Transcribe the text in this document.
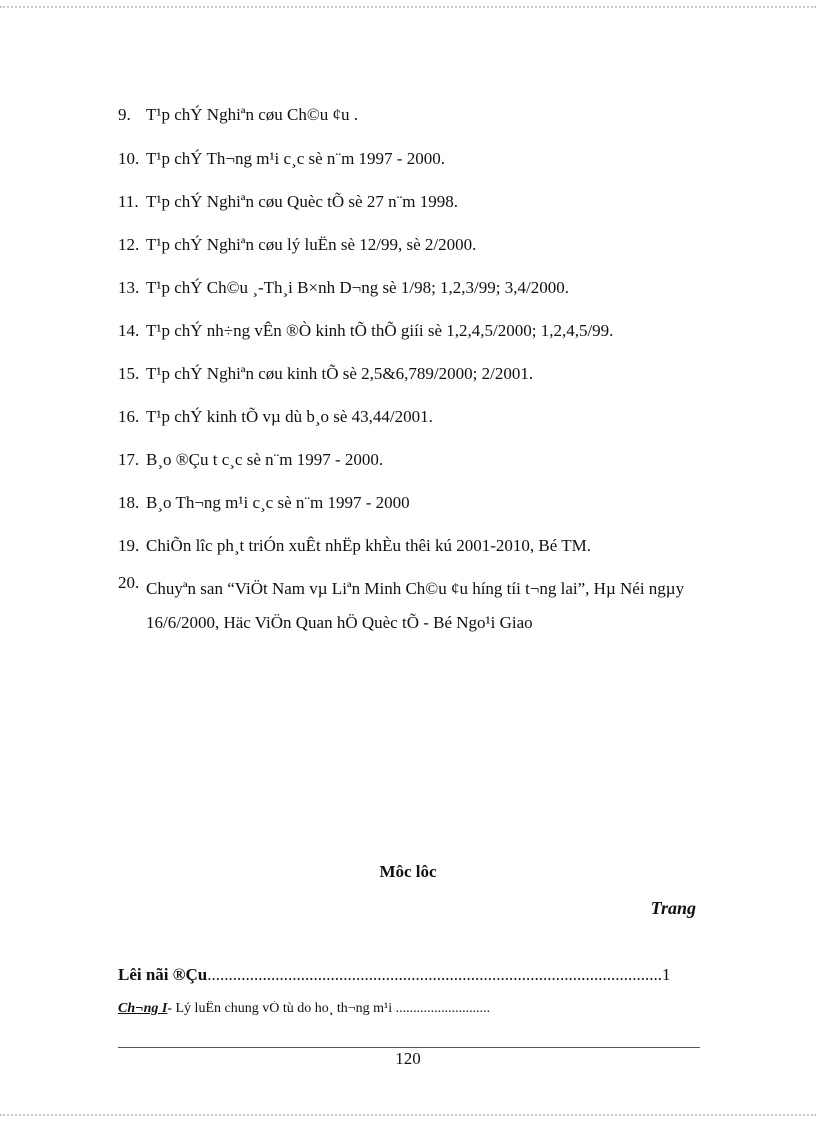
9. T¹p chÝ Nghiªn cøu Ch©u ¢u .
10. T¹p chÝ Th¬ng m¹i c¸c sè n¨m 1997 - 2000.
11. T¹p chÝ Nghiªn cøu Quèc tÕ sè 27 n¨m 1998.
12. T¹p chÝ Nghiªn cøu lý luËn sè 12/99, sè 2/2000.
13. T¹p chÝ Ch©u ¸-Th¸i B×nh D¬ng sè 1/98; 1,2,3/99; 3,4/2000.
14. T¹p chÝ nh÷ng vÊn ®Ò kinh tÕ thÕ giíi sè 1,2,4,5/2000; 1,2,4,5/99.
15. T¹p chÝ Nghiªn cøu kinh tÕ sè 2,5&6,789/2000; 2/2001.
16. T¹p chÝ kinh tÕ vµ dù b¸o sè 43,44/2001.
17. B¸o ®Çu t c¸c sè n¨m 1997 - 2000.
18. B¸o Th¬ng m¹i c¸c sè n¨m 1997 - 2000
19. ChiÕn lîc ph¸t triÓn xuÊt nhËp khÈu thêi kú 2001-2010, Bé TM.
20. Chuyªn san “ViÖt Nam vµ Liªn Minh Ch©u ¢u híng tíi t¬ng lai”, Hµ Néi ngµy 16/6/2000, Häc ViÖn Quan hÖ Quèc tÕ - Bé Ngo¹i Giao
Môc lôc
Trang
Lêi nãi ®Çu...........................................................................................................1
Ch¬ng I- Lý luËn chung vÒ tù do ho¸ th¬ng m¹i ...........................
120
